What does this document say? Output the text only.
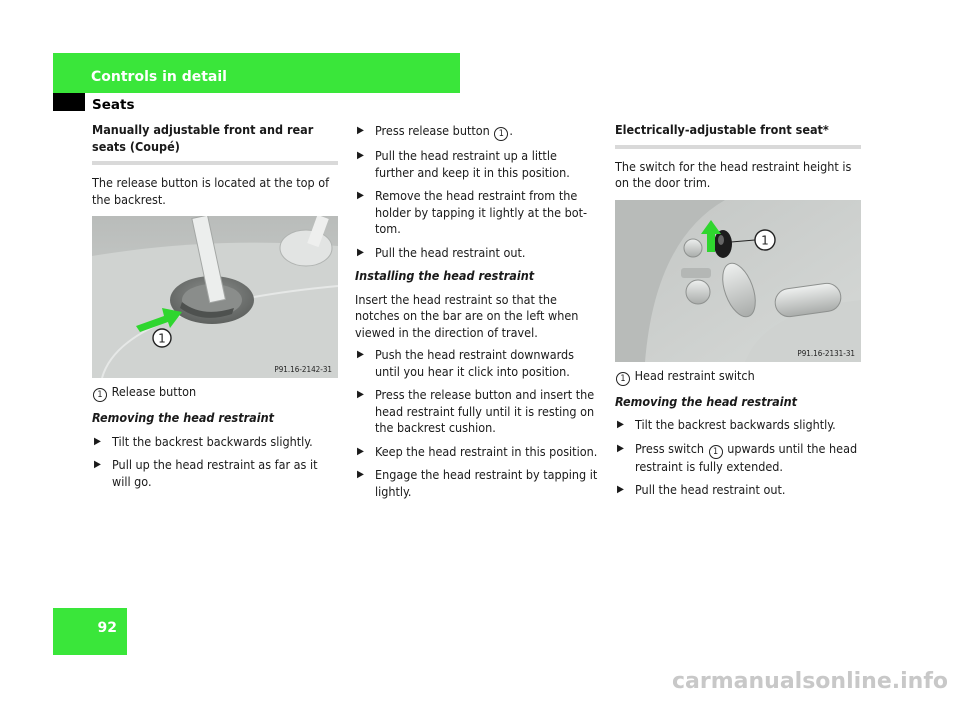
Controls in detail
Seats
Manually adjustable front and rear seats (Coupé)

The release button is located at the top of the backrest.

1
P91.16-2142-31

1 Release button

Removing the head restraint

▶ Tilt the backrest backwards slightly.
▶ Pull up the head restraint as far as it will go.
▶ Press release button 1 .
▶ Pull the head restraint up a little further and keep it in this position.
▶ Remove the head restraint from the holder by tapping it lightly at the bot-tom.
▶ Pull the head restraint out.

Installing the head restraint

Insert the head restraint so that the notches on the bar are on the left when viewed in the direction of travel.

▶ Push the head restraint downwards until you hear it click into position.
▶ Press the release button and insert the head restraint fully until it is resting on the backrest cushion.
▶ Keep the head restraint in this position.
▶ Engage the head restraint by tapping it lightly.
Electrically-adjustable front seat*

The switch for the head restraint height is on the door trim.

1
P91.16-2131-31

1 Head restraint switch

Removing the head restraint

▶ Tilt the backrest backwards slightly.
▶ Press switch 1 upwards until the head restraint is fully extended.
▶ Pull the head restraint out.
92
carmanualsonline.info
